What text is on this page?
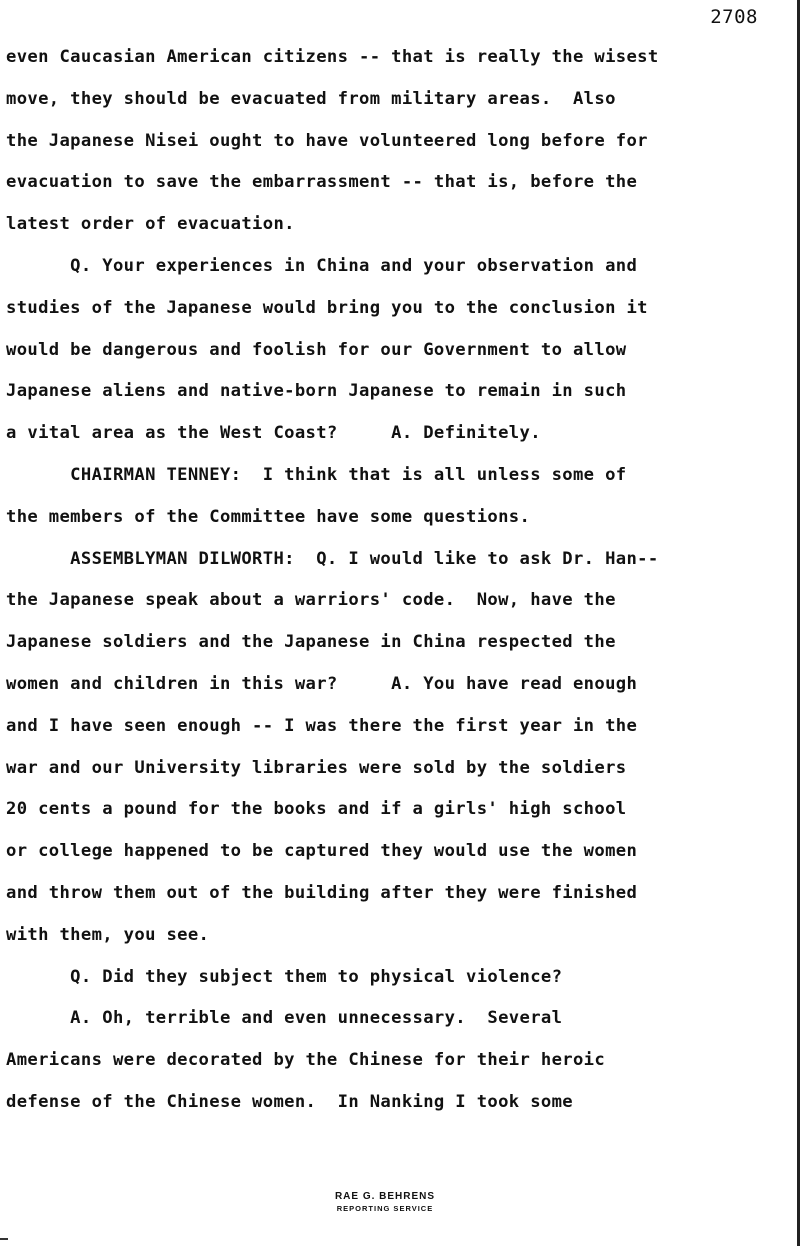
2708
even Caucasian American citizens -- that is really the wisest
move, they should be evacuated from military areas.  Also
the Japanese Nisei ought to have volunteered long before for
evacuation to save the embarrassment -- that is, before the
latest order of evacuation.
Q. Your experiences in China and your observation and
studies of the Japanese would bring you to the conclusion it
would be dangerous and foolish for our Government to allow
Japanese aliens and native-born Japanese to remain in such
a vital area as the West Coast?     A. Definitely.
CHAIRMAN TENNEY:  I think that is all unless some of
the members of the Committee have some questions.
ASSEMBLYMAN DILWORTH:  Q. I would like to ask Dr. Han--
the Japanese speak about a warriors' code.  Now, have the
Japanese soldiers and the Japanese in China respected the
women and children in this war?     A. You have read enough
and I have seen enough -- I was there the first year in the
war and our University libraries were sold by the soldiers
20 cents a pound for the books and if a girls' high school
or college happened to be captured they would use the women
and throw them out of the building after they were finished
with them, you see.
Q. Did they subject them to physical violence?
A. Oh, terrible and even unnecessary.  Several
Americans were decorated by the Chinese for their heroic
defense of the Chinese women.  In Nanking I took some
RAE G. BEHRENS
REPORTING SERVICE
